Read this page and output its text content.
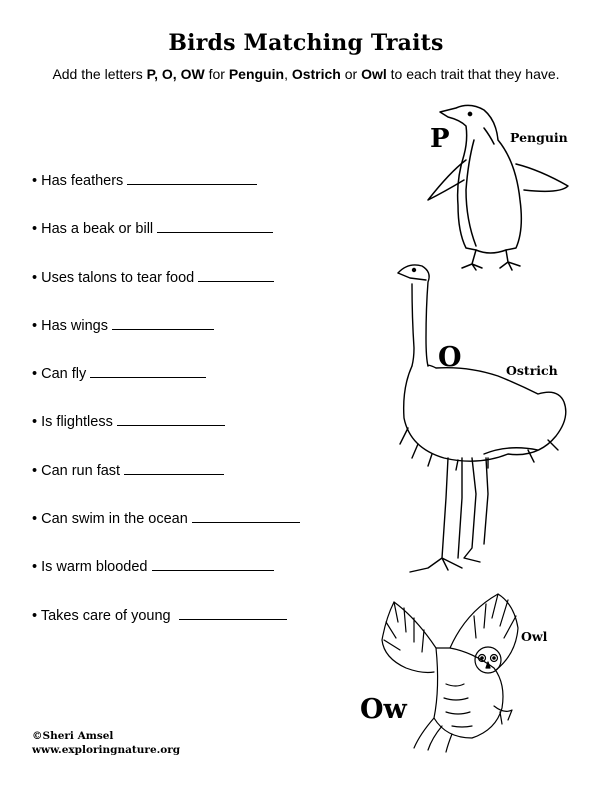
Birds Matching Traits
Add the letters P, O, OW for Penguin, Ostrich or Owl to each trait that they have.
• Has feathers
• Has a beak or bill
• Uses talons to tear food
• Has wings
• Can fly
• Is flightless
• Can run fast
• Can swim in the ocean
• Is warm blooded
• Takes care of young
P	Penguin
O	Ostrich
Ow
Owl
©Sheri Amsel
www.exploringnature.org
